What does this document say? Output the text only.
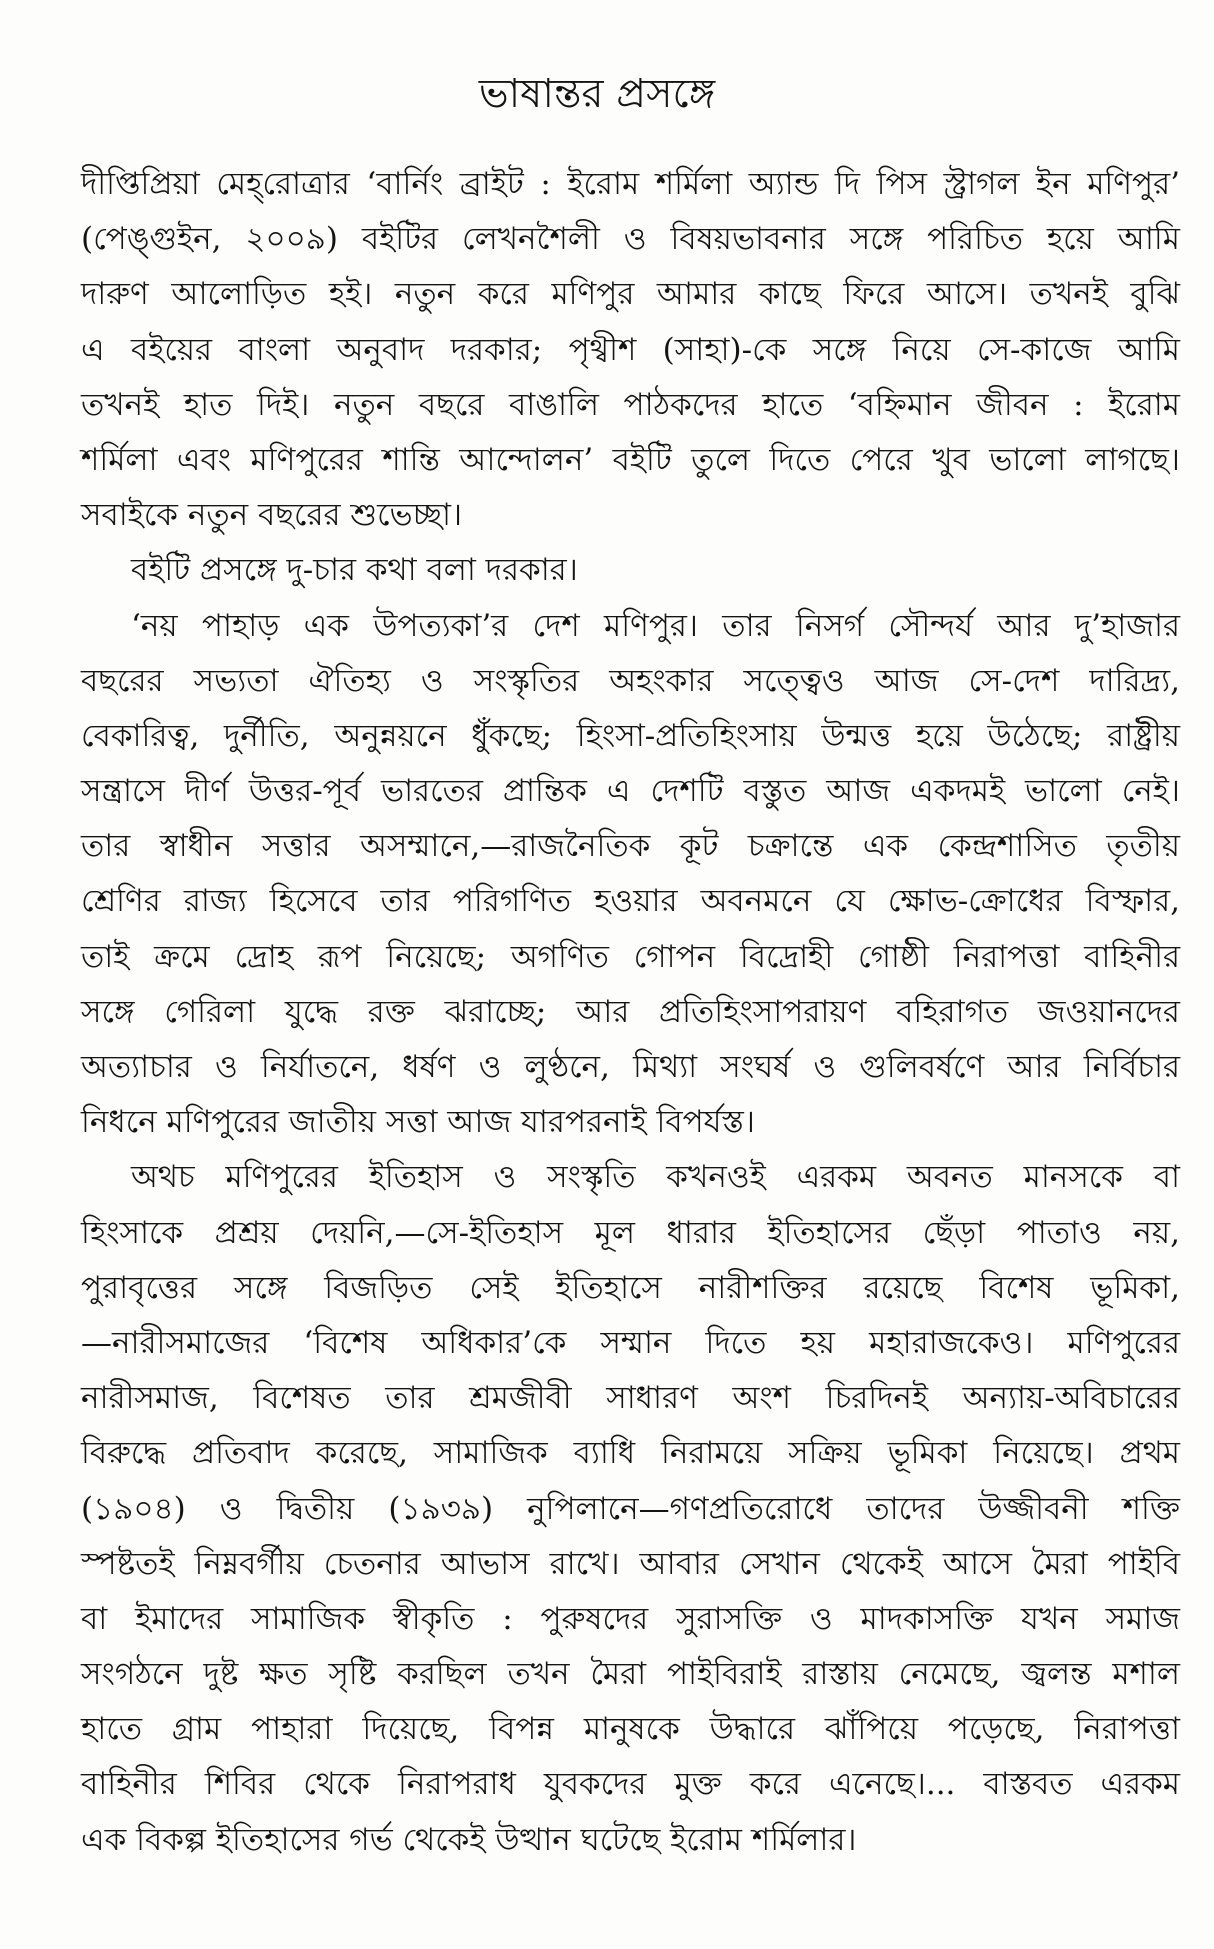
ভাষান্তর প্রসঙ্গে
দীপ্তিপ্রিয়া মেহ্‌রোত্রার ‘বার্নিং ব্রাইট : ইরোম শর্মিলা অ্যান্ড দি পিস স্ট্রাগল ইন মণিপুর’
(পেঙ্গুইন, ২০০৯) বইটির লেখনশৈলী ও বিষয়ভাবনার সঙ্গে পরিচিত হয়ে আমি
দারুণ আলোড়িত হই। নতুন করে মণিপুর আমার কাছে ফিরে আসে। তখনই বুঝি
এ বইয়ের বাংলা অনুবাদ দরকার; পৃথ্বীশ (সাহা)-কে সঙ্গে নিয়ে সে-কাজে আমি
তখনই হাত দিই। নতুন বছরে বাঙালি পাঠকদের হাতে ‘বহ্নিমান জীবন : ইরোম
শর্মিলা এবং মণিপুরের শান্তি আন্দোলন’ বইটি তুলে দিতে পেরে খুব ভালো লাগছে।
সবাইকে নতুন বছরের শুভেচ্ছা।
বইটি প্রসঙ্গে দু-চার কথা বলা দরকার।
‘নয় পাহাড় এক উপত্যকা’র দেশ মণিপুর। তার নিসর্গ সৌন্দর্য আর দু’হাজার
বছরের সভ্যতা ঐতিহ্য ও সংস্কৃতির অহংকার সত্ত্বেও আজ সে-দেশ দারিদ্র্য,
বেকারিত্ব, দুর্নীতি, অনুন্নয়নে ধুঁকছে; হিংসা-প্রতিহিংসায় উন্মত্ত হয়ে উঠেছে; রাষ্ট্রীয়
সন্ত্রাসে দীর্ণ উত্তর-পূর্ব ভারতের প্রান্তিক এ দেশটি বস্তুত আজ একদমই ভালো নেই।
তার স্বাধীন সত্তার অসম্মানে,—রাজনৈতিক কূট চক্রান্তে এক কেন্দ্রশাসিত তৃতীয়
শ্রেণির রাজ্য হিসেবে তার পরিগণিত হওয়ার অবনমনে যে ক্ষোভ-ক্রোধের বিস্ফার,
তাই ক্রমে দ্রোহ রূপ নিয়েছে; অগণিত গোপন বিদ্রোহী গোষ্ঠী নিরাপত্তা বাহিনীর
সঙ্গে গেরিলা যুদ্ধে রক্ত ঝরাচ্ছে; আর প্রতিহিংসাপরায়ণ বহিরাগত জওয়ানদের
অত্যাচার ও নির্যাতনে, ধর্ষণ ও লুণ্ঠনে, মিথ্যা সংঘর্ষ ও গুলিবর্ষণে আর নির্বিচার
নিধনে মণিপুরের জাতীয় সত্তা আজ যারপরনাই বিপর্যস্ত।
অথচ মণিপুরের ইতিহাস ও সংস্কৃতি কখনওই এরকম অবনত মানসকে বা
হিংসাকে প্রশ্রয় দেয়নি,—সে-ইতিহাস মূল ধারার ইতিহাসের ছেঁড়া পাতাও নয়,
পুরাবৃত্তের সঙ্গে বিজড়িত সেই ইতিহাসে নারীশক্তির রয়েছে বিশেষ ভূমিকা,
—নারীসমাজের ‘বিশেষ অধিকার’কে সম্মান দিতে হয় মহারাজকেও। মণিপুরের
নারীসমাজ, বিশেষত তার শ্রমজীবী সাধারণ অংশ চিরদিনই অন্যায়-অবিচারের
বিরুদ্ধে প্রতিবাদ করেছে, সামাজিক ব্যাধি নিরাময়ে সক্রিয় ভূমিকা নিয়েছে। প্রথম
(১৯০৪) ও দ্বিতীয় (১৯৩৯) নুপিলানে—গণপ্রতিরোধে তাদের উজ্জীবনী শক্তি
স্পষ্টতই নিম্নবর্গীয় চেতনার আভাস রাখে। আবার সেখান থেকেই আসে মৈরা পাইবি
বা ইমাদের সামাজিক স্বীকৃতি : পুরুষদের সুরাসক্তি ও মাদকাসক্তি যখন সমাজ
সংগঠনে দুষ্ট ক্ষত সৃষ্টি করছিল তখন মৈরা পাইবিরাই রাস্তায় নেমেছে, জ্বলন্ত মশাল
হাতে গ্রাম পাহারা দিয়েছে, বিপন্ন মানুষকে উদ্ধারে ঝাঁপিয়ে পড়েছে, নিরাপত্তা
বাহিনীর শিবির থেকে নিরাপরাধ যুবকদের মুক্ত করে এনেছে।... বাস্তবত এরকম
এক বিকল্প ইতিহাসের গর্ভ থেকেই উত্থান ঘটেছে ইরোম শর্মিলার।
